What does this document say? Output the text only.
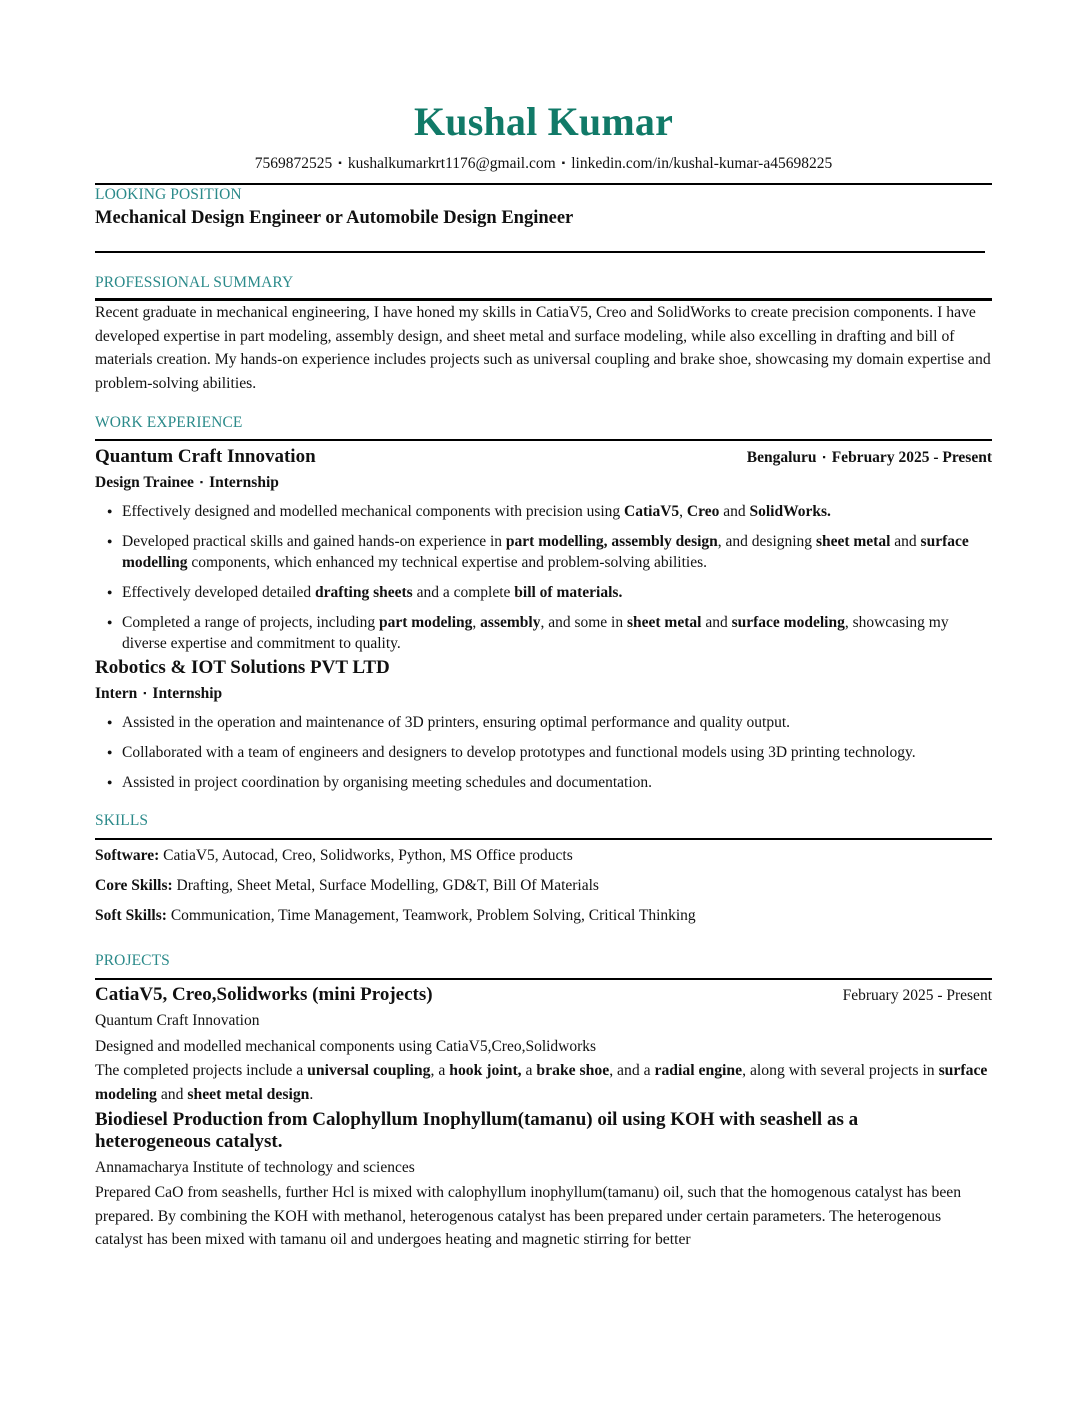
Kushal Kumar
7569872525 ▪ kushalkumarkrt1176@gmail.com ▪ linkedin.com/in/kushal-kumar-a45698225
LOOKING POSITION
Mechanical Design Engineer or Automobile Design Engineer
PROFESSIONAL SUMMARY
Recent graduate in mechanical engineering, I have honed my skills in CatiaV5, Creo and SolidWorks to create precision components. I have developed expertise in part modeling, assembly design, and sheet metal and surface modeling, while also excelling in drafting and bill of materials creation. My hands-on experience includes projects such as universal coupling and brake shoe, showcasing my domain expertise and problem-solving abilities.
WORK EXPERIENCE
Quantum Craft Innovation	Bengaluru ▪ February 2025 - Present
Design Trainee ▪ Internship
● Effectively designed and modelled mechanical components with precision using CatiaV5, Creo and SolidWorks.
● Developed practical skills and gained hands-on experience in part modelling, assembly design, and designing sheet metal and surface modelling components, which enhanced my technical expertise and problem-solving abilities.
● Effectively developed detailed drafting sheets and a complete bill of materials.
● Completed a range of projects, including part modeling, assembly, and some in sheet metal and surface modeling, showcasing my diverse expertise and commitment to quality.
Robotics & IOT Solutions PVT LTD
Intern ▪ Internship
● Assisted in the operation and maintenance of 3D printers, ensuring optimal performance and quality output.
● Collaborated with a team of engineers and designers to develop prototypes and functional models using 3D printing technology.
● Assisted in project coordination by organising meeting schedules and documentation.
SKILLS
Software: CatiaV5, Autocad, Creo, Solidworks, Python, MS Office products
Core Skills: Drafting, Sheet Metal, Surface Modelling, GD&T, Bill Of Materials
Soft Skills: Communication, Time Management, Teamwork, Problem Solving, Critical Thinking
PROJECTS
CatiaV5, Creo,Solidworks (mini Projects)	February 2025 - Present
Quantum Craft Innovation
Designed and modelled mechanical components using CatiaV5,Creo,Solidworks
The completed projects include a universal coupling, a hook joint, a brake shoe, and a radial engine, along with several projects in surface modeling and sheet metal design.
Biodiesel Production from Calophyllum Inophyllum(tamanu) oil using KOH with seashell as a heterogeneous catalyst.
Annamacharya Institute of technology and sciences
Prepared CaO from seashells, further Hcl is mixed with calophyllum inophyllum(tamanu) oil, such that the homogenous catalyst has been prepared. By combining the KOH with methanol, heterogenous catalyst has been prepared under certain parameters. The heterogenous catalyst has been mixed with tamanu oil and undergoes heating and magnetic stirring for better
